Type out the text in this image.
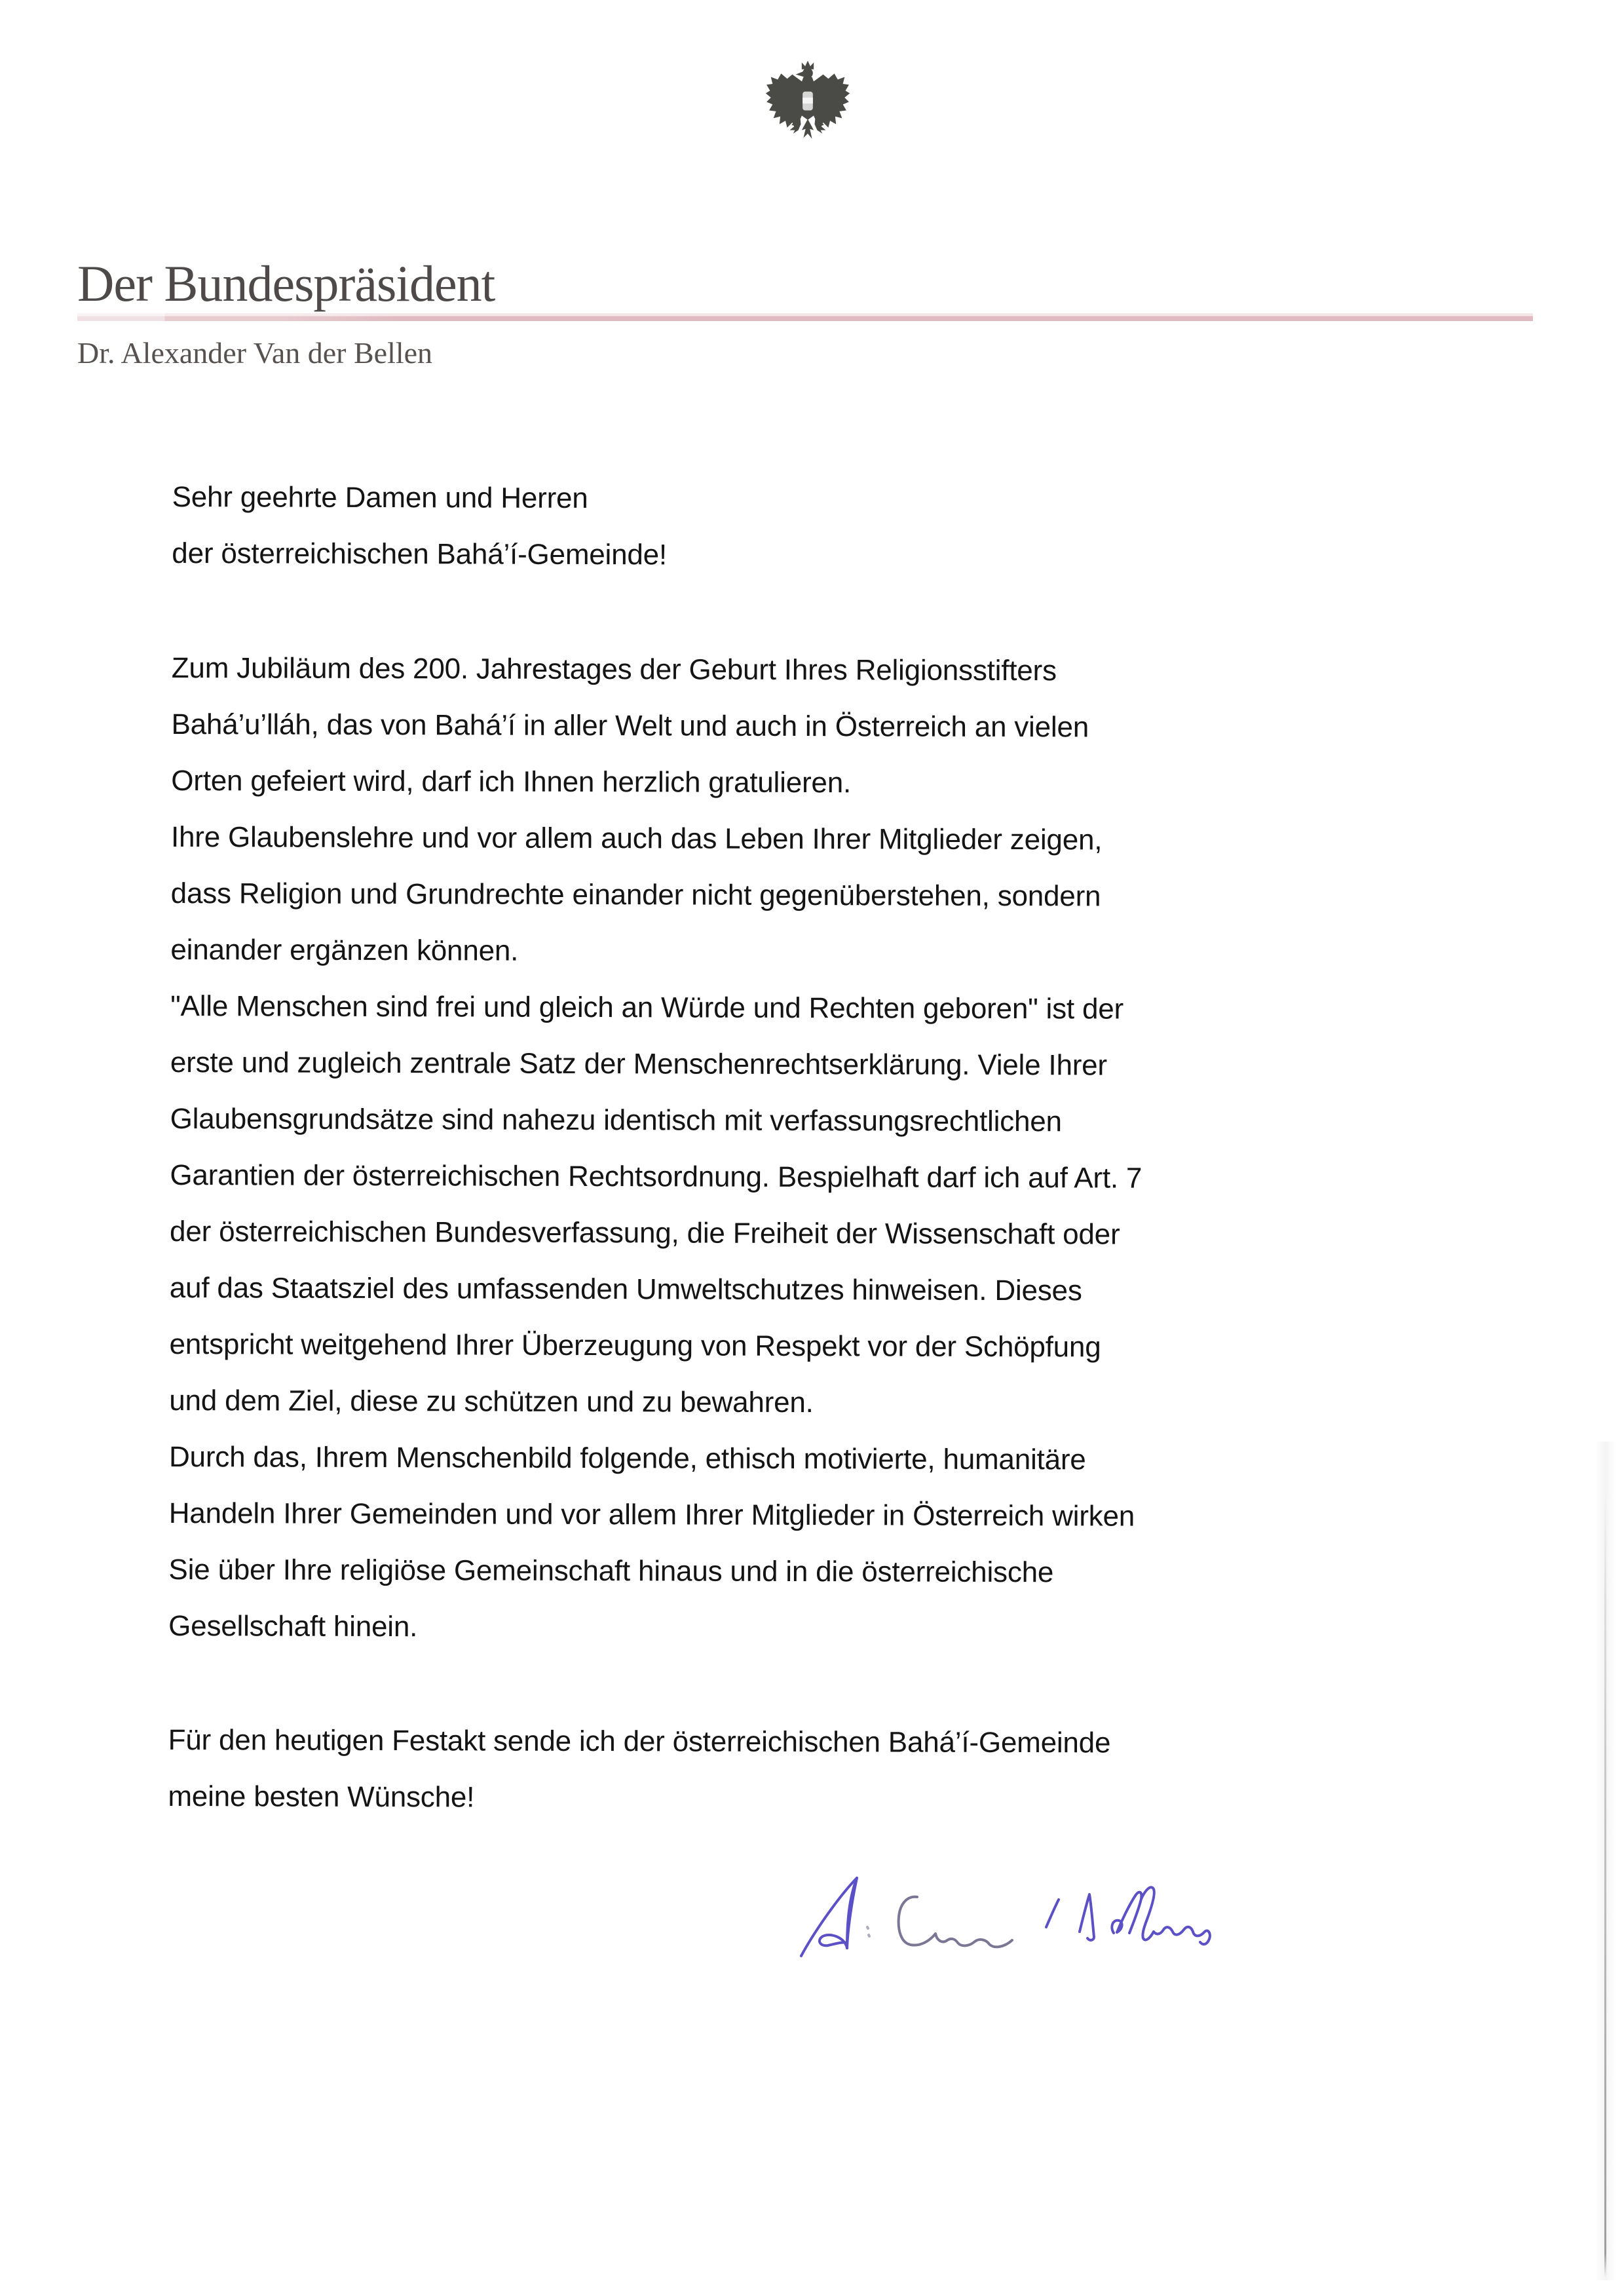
Der Bundespräsident
Dr. Alexander Van der Bellen
Sehr geehrte Damen und Herren
der österreichischen Bahá’í-Gemeinde!
Zum Jubiläum des 200. Jahrestages der Geburt Ihres Religionsstifters
Bahá’u’lláh, das von Bahá’í in aller Welt und auch in Österreich an vielen
Orten gefeiert wird, darf ich Ihnen herzlich gratulieren.
Ihre Glaubenslehre und vor allem auch das Leben Ihrer Mitglieder zeigen,
dass Religion und Grundrechte einander nicht gegenüberstehen, sondern
einander ergänzen können.
"Alle Menschen sind frei und gleich an Würde und Rechten geboren" ist der
erste und zugleich zentrale Satz der Menschenrechtserklärung. Viele Ihrer
Glaubensgrundsätze sind nahezu identisch mit verfassungsrechtlichen
Garantien der österreichischen Rechtsordnung. Bespielhaft darf ich auf Art. 7
der österreichischen Bundesverfassung, die Freiheit der Wissenschaft oder
auf das Staatsziel des umfassenden Umweltschutzes hinweisen. Dieses
entspricht weitgehend Ihrer Überzeugung von Respekt vor der Schöpfung
und dem Ziel, diese zu schützen und zu bewahren.
Durch das, Ihrem Menschenbild folgende, ethisch motivierte, humanitäre
Handeln Ihrer Gemeinden und vor allem Ihrer Mitglieder in Österreich wirken
Sie über Ihre religiöse Gemeinschaft hinaus und in die österreichische
Gesellschaft hinein.
Für den heutigen Festakt sende ich der österreichischen Bahá’í-Gemeinde
meine besten Wünsche!
